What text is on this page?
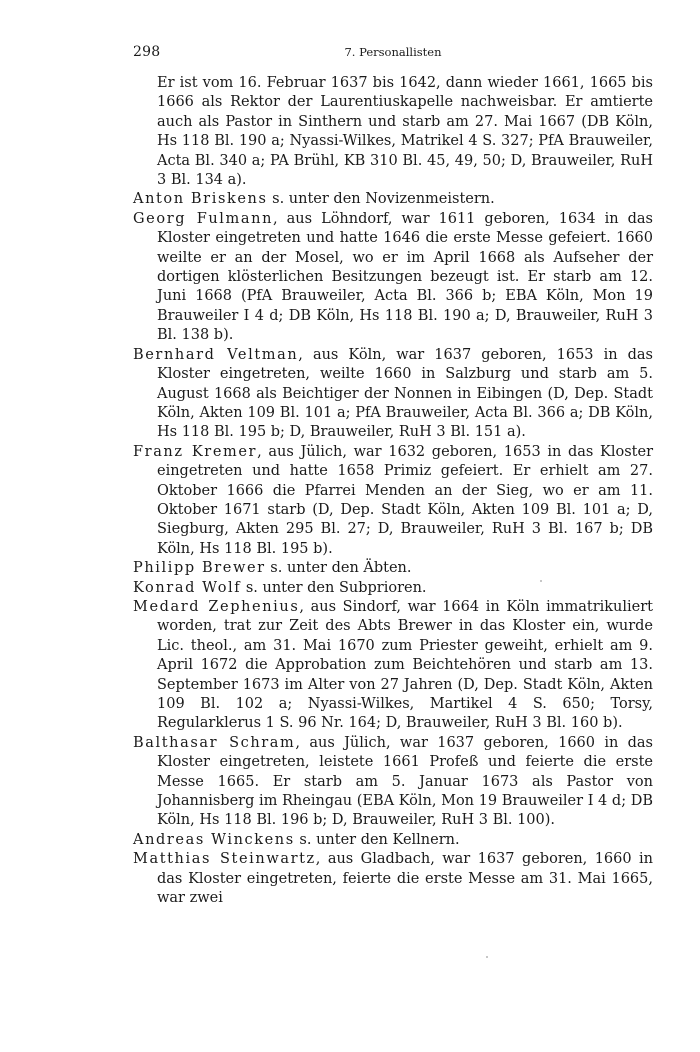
298	7. Personallisten

Er ist vom 16. Februar 1637 bis 1642, dann wieder 1661, 1665 bis 1666 als Rektor der Laurentiuskapelle nachweisbar. Er amtierte auch als Pastor in Sinthern und starb am 27. Mai 1667 (DB Köln, Hs 118 Bl. 190 a; Nyassi-Wilkes, Matrikel 4 S. 327; PfA Brauweiler, Acta Bl. 340 a; PA Brühl, KB 310 Bl. 45, 49, 50; D, Brauweiler, RuH 3 Bl. 134 a).

Anton Briskens s. unter den Novizenmeistern.

Georg Fulmann, aus Löhndorf, war 1611 geboren, 1634 in das Kloster eingetreten und hatte 1646 die erste Messe gefeiert. 1660 weilte er an der Mosel, wo er im April 1668 als Aufseher der dortigen klösterlichen Besitzungen bezeugt ist. Er starb am 12. Juni 1668 (PfA Brauweiler, Acta Bl. 366 b; EBA Köln, Mon 19 Brauweiler I 4 d; DB Köln, Hs 118 Bl. 190 a; D, Brauweiler, RuH 3 Bl. 138 b).

Bernhard Veltman, aus Köln, war 1637 geboren, 1653 in das Kloster eingetreten, weilte 1660 in Salzburg und starb am 5. August 1668 als Beichtiger der Nonnen in Eibingen (D, Dep. Stadt Köln, Akten 109 Bl. 101 a; PfA Brauweiler, Acta Bl. 366 a; DB Köln, Hs 118 Bl. 195 b; D, Brauweiler, RuH 3 Bl. 151 a).

Franz Kremer, aus Jülich, war 1632 geboren, 1653 in das Kloster eingetreten und hatte 1658 Primiz gefeiert. Er erhielt am 27. Oktober 1666 die Pfarrei Menden an der Sieg, wo er am 11. Oktober 1671 starb (D, Dep. Stadt Köln, Akten 109 Bl. 101 a; D, Siegburg, Akten 295 Bl. 27; D, Brauweiler, RuH 3 Bl. 167 b; DB Köln, Hs 118 Bl. 195 b).

Philipp Brewer s. unter den Äbten.

Konrad Wolf s. unter den Subprioren.

Medard Zephenius, aus Sindorf, war 1664 in Köln immatrikuliert worden, trat zur Zeit des Abts Brewer in das Kloster ein, wurde Lic. theol., am 31. Mai 1670 zum Priester geweiht, erhielt am 9. April 1672 die Approbation zum Beichtehören und starb am 13. September 1673 im Alter von 27 Jahren (D, Dep. Stadt Köln, Akten 109 Bl. 102 a; Nyassi-Wilkes, Martikel 4 S. 650; Torsy, Regularklerus 1 S. 96 Nr. 164; D, Brauweiler, RuH 3 Bl. 160 b).

Balthasar Schram, aus Jülich, war 1637 geboren, 1660 in das Kloster eingetreten, leistete 1661 Profeß und feierte die erste Messe 1665. Er starb am 5. Januar 1673 als Pastor von Johannisberg im Rheingau (EBA Köln, Mon 19 Brauweiler I 4 d; DB Köln, Hs 118 Bl. 196 b; D, Brauweiler, RuH 3 Bl. 100).

Andreas Winckens s. unter den Kellnern.

Matthias Steinwartz, aus Gladbach, war 1637 geboren, 1660 in das Kloster eingetreten, feierte die erste Messe am 31. Mai 1665, war zwei
